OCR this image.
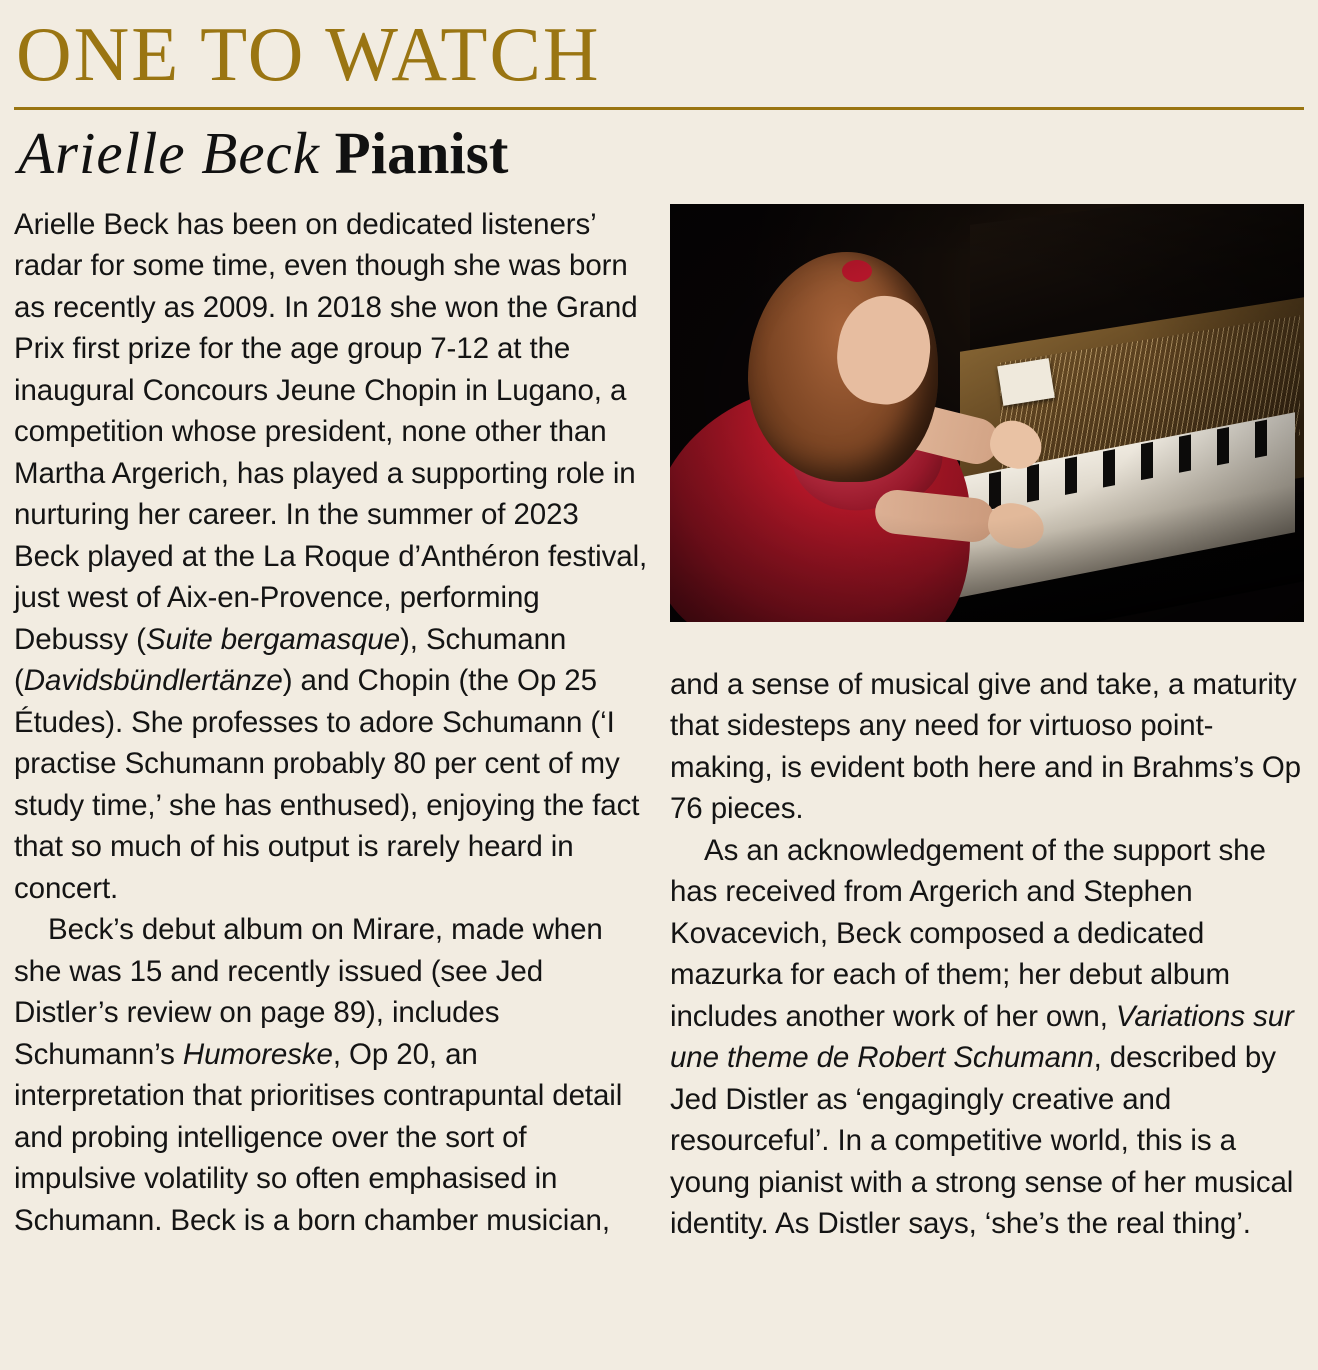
ONE TO WATCH
Arielle Beck Pianist

Arielle Beck has been on dedicated listeners’ radar for some time, even though she was born as recently as 2009. In 2018 she won the Grand Prix first prize for the age group 7-12 at the inaugural Concours Jeune Chopin in Lugano, a competition whose president, none other than Martha Argerich, has played a supporting role in nurturing her career. In the summer of 2023 Beck played at the La Roque d’Anthéron festival, just west of Aix-en-Provence, performing Debussy (Suite bergamasque), Schumann (Davidsbündlertänze) and Chopin (the Op 25 Études). She professes to adore Schumann (‘I practise Schumann probably 80 per cent of my study time,’ she has enthused), enjoying the fact that so much of his output is rarely heard in concert.

Beck’s debut album on Mirare, made when she was 15 and recently issued (see Jed Distler’s review on page 89), includes Schumann’s Humoreske, Op 20, an interpretation that prioritises contrapuntal detail and probing intelligence over the sort of impulsive volatility so often emphasised in Schumann. Beck is a born chamber musician,

and a sense of musical give and take, a maturity that sidesteps any need for virtuoso point-making, is evident both here and in Brahms’s Op 76 pieces.

As an acknowledgement of the support she has received from Argerich and Stephen Kovacevich, Beck composed a dedicated mazurka for each of them; her debut album includes another work of her own, Variations sur une theme de Robert Schumann, described by Jed Distler as ‘engagingly creative and resourceful’. In a competitive world, this is a young pianist with a strong sense of her musical identity. As Distler says, ‘she’s the real thing’.
